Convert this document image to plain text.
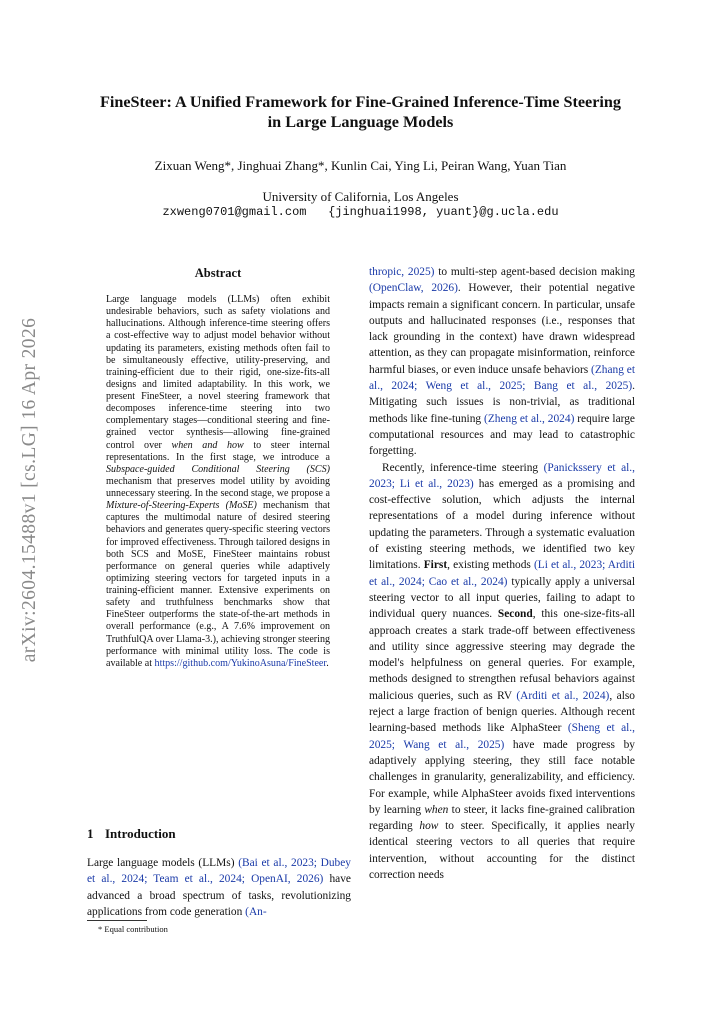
arXiv:2604.15488v1 [cs.LG] 16 Apr 2026
FineSteer: A Unified Framework for Fine-Grained Inference-Time Steering
in Large Language Models
Zixuan Weng*, Jinghuai Zhang*, Kunlin Cai, Ying Li, Peiran Wang, Yuan Tian
University of California, Los Angeles
zxweng0701@gmail.com   {jinghuai1998, yuant}@g.ucla.edu
Abstract
Large language models (LLMs) often exhibit undesirable behaviors, such as safety violations and hallucinations. Although inference-time steering offers a cost-effective way to adjust model behavior without updating its parameters, existing methods often fail to be simultaneously effective, utility-preserving, and training-efficient due to their rigid, one-size-fits-all designs and limited adaptability. In this work, we present FineSteer, a novel steering framework that decomposes inference-time steering into two complementary stages—conditional steering and fine-grained vector synthesis—allowing fine-grained control over when and how to steer internal representations. In the first stage, we introduce a Subspace-guided Conditional Steering (SCS) mechanism that preserves model utility by avoiding unnecessary steering. In the second stage, we propose a Mixture-of-Steering-Experts (MoSE) mechanism that captures the multimodal nature of desired steering behaviors and generates query-specific steering vectors for improved effectiveness. Through tailored designs in both SCS and MoSE, FineSteer maintains robust performance on general queries while adaptively optimizing steering vectors for targeted inputs in a training-efficient manner. Extensive experiments on safety and truthfulness benchmarks show that FineSteer outperforms the state-of-the-art methods in overall performance (e.g., A 7.6% improvement on TruthfulQA over Llama-3.), achieving stronger steering performance with minimal utility loss. The code is available at https://github.com/YukinoAsuna/FineSteer.
1 Introduction
Large language models (LLMs) (Bai et al., 2023; Dubey et al., 2024; Team et al., 2024; OpenAI, 2026) have advanced a broad spectrum of tasks, revolutionizing applications from code generation (An-
* Equal contribution

thropic, 2025) to multi-step agent-based decision making (OpenClaw, 2026). However, their potential negative impacts remain a significant concern. In particular, unsafe outputs and hallucinated responses (i.e., responses that lack grounding in the context) have drawn widespread attention, as they can propagate misinformation, reinforce harmful biases, or even induce unsafe behaviors (Zhang et al., 2024; Weng et al., 2025; Bang et al., 2025). Mitigating such issues is non-trivial, as traditional methods like fine-tuning (Zheng et al., 2024) require large computational resources and may lead to catastrophic forgetting.

Recently, inference-time steering (Panickssery et al., 2023; Li et al., 2023) has emerged as a promising and cost-effective solution, which adjusts the internal representations of a model during inference without updating the parameters. Through a systematic evaluation of existing steering methods, we identified two key limitations. First, existing methods (Li et al., 2023; Arditi et al., 2024; Cao et al., 2024) typically apply a universal steering vector to all input queries, failing to adapt to individual query nuances. Second, this one-size-fits-all approach creates a stark trade-off between effectiveness and utility since aggressive steering may degrade the model's helpfulness on general queries. For example, methods designed to strengthen refusal behaviors against malicious queries, such as RV (Arditi et al., 2024), also reject a large fraction of benign queries. Although recent learning-based methods like AlphaSteer (Sheng et al., 2025; Wang et al., 2025) have made progress by adaptively applying steering, they still face notable challenges in granularity, generalizability, and efficiency. For example, while AlphaSteer avoids fixed interventions by learning when to steer, it lacks fine-grained calibration regarding how to steer. Specifically, it applies nearly identical steering vectors to all queries that require intervention, without accounting for the distinct correction needs
